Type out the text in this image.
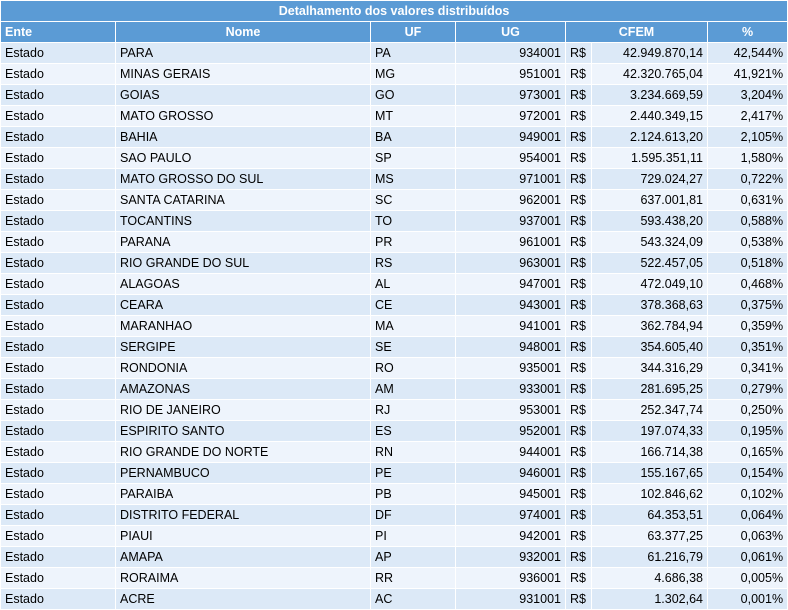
Detalhamento dos valores distribuídos						
Ente	Nome	UF	UG	CFEM		%
Estado	PARA	PA	934001	R$	42.949.870,14	42,544%
Estado	MINAS GERAIS	MG	951001	R$	42.320.765,04	41,921%
Estado	GOIAS	GO	973001	R$	3.234.669,59	3,204%
Estado	MATO GROSSO	MT	972001	R$	2.440.349,15	2,417%
Estado	BAHIA	BA	949001	R$	2.124.613,20	2,105%
Estado	SAO PAULO	SP	954001	R$	1.595.351,11	1,580%
Estado	MATO GROSSO DO SUL	MS	971001	R$	729.024,27	0,722%
Estado	SANTA CATARINA	SC	962001	R$	637.001,81	0,631%
Estado	TOCANTINS	TO	937001	R$	593.438,20	0,588%
Estado	PARANA	PR	961001	R$	543.324,09	0,538%
Estado	RIO GRANDE DO SUL	RS	963001	R$	522.457,05	0,518%
Estado	ALAGOAS	AL	947001	R$	472.049,10	0,468%
Estado	CEARA	CE	943001	R$	378.368,63	0,375%
Estado	MARANHAO	MA	941001	R$	362.784,94	0,359%
Estado	SERGIPE	SE	948001	R$	354.605,40	0,351%
Estado	RONDONIA	RO	935001	R$	344.316,29	0,341%
Estado	AMAZONAS	AM	933001	R$	281.695,25	0,279%
Estado	RIO DE JANEIRO	RJ	953001	R$	252.347,74	0,250%
Estado	ESPIRITO SANTO	ES	952001	R$	197.074,33	0,195%
Estado	RIO GRANDE DO NORTE	RN	944001	R$	166.714,38	0,165%
Estado	PERNAMBUCO	PE	946001	R$	155.167,65	0,154%
Estado	PARAIBA	PB	945001	R$	102.846,62	0,102%
Estado	DISTRITO FEDERAL	DF	974001	R$	64.353,51	0,064%
Estado	PIAUI	PI	942001	R$	63.377,25	0,063%
Estado	AMAPA	AP	932001	R$	61.216,79	0,061%
Estado	RORAIMA	RR	936001	R$	4.686,38	0,005%
Estado	ACRE	AC	931001	R$	1.302,64	0,001%
